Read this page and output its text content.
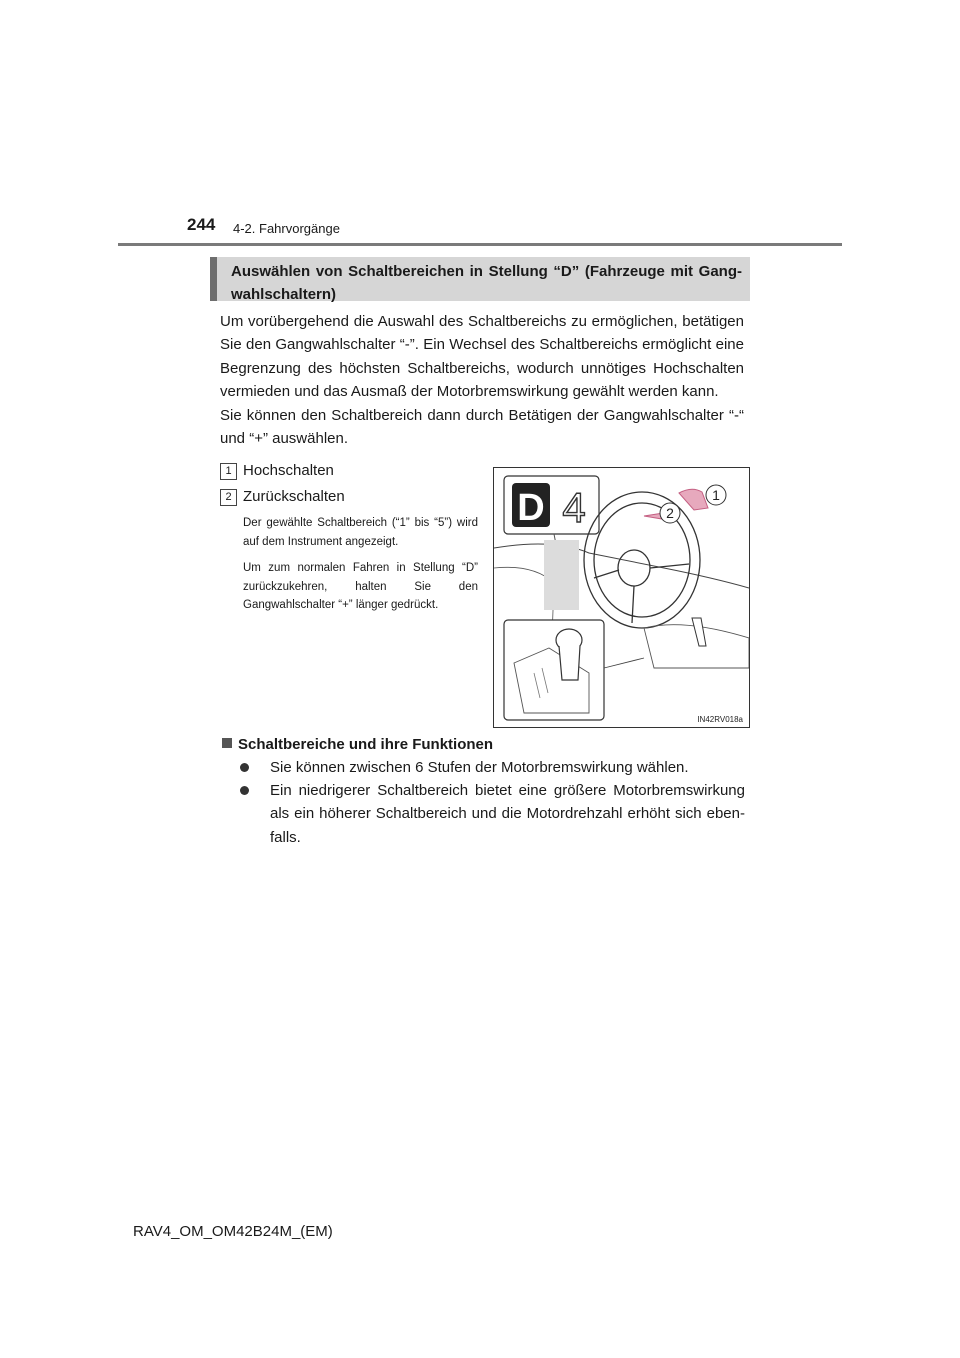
244 4-2. Fahrvorgänge
Auswählen von Schaltbereichen in Stellung “D” (Fahrzeuge mit Gang-wahlschaltern)

Um vorübergehend die Auswahl des Schaltbereichs zu ermöglichen, betätigen Sie den Gangwahlschalter “-”. Ein Wechsel des Schaltbereichs ermöglicht eine Begrenzung des höchsten Schaltbereichs, wodurch unnötiges Hochschalten vermieden und das Ausmaß der Motorbremswirkung gewählt werden kann.

Sie können den Schaltbereich dann durch Betätigen der Gangwahlschalter “-“ und “+” auswählen.

1 Hochschalten
2 Zurückschalten

Der gewählte Schaltbereich (“1” bis “5”) wird auf dem Instrument angezeigt.

Um zum normalen Fahren in Stellung “D” zurückzukehren, halten Sie den Gangwahlschalter “+” länger gedrückt.

D 4	1
2
IN42RV018a
Schaltbereiche und ihre Funktionen
Sie können zwischen 6 Stufen der Motorbremswirkung wählen.
Ein niedrigerer Schaltbereich bietet eine größere Motorbremswirkung als ein höherer Schaltbereich und die Motordrehzahl erhöht sich eben-falls.
RAV4_OM_OM42B24M_(EM)
